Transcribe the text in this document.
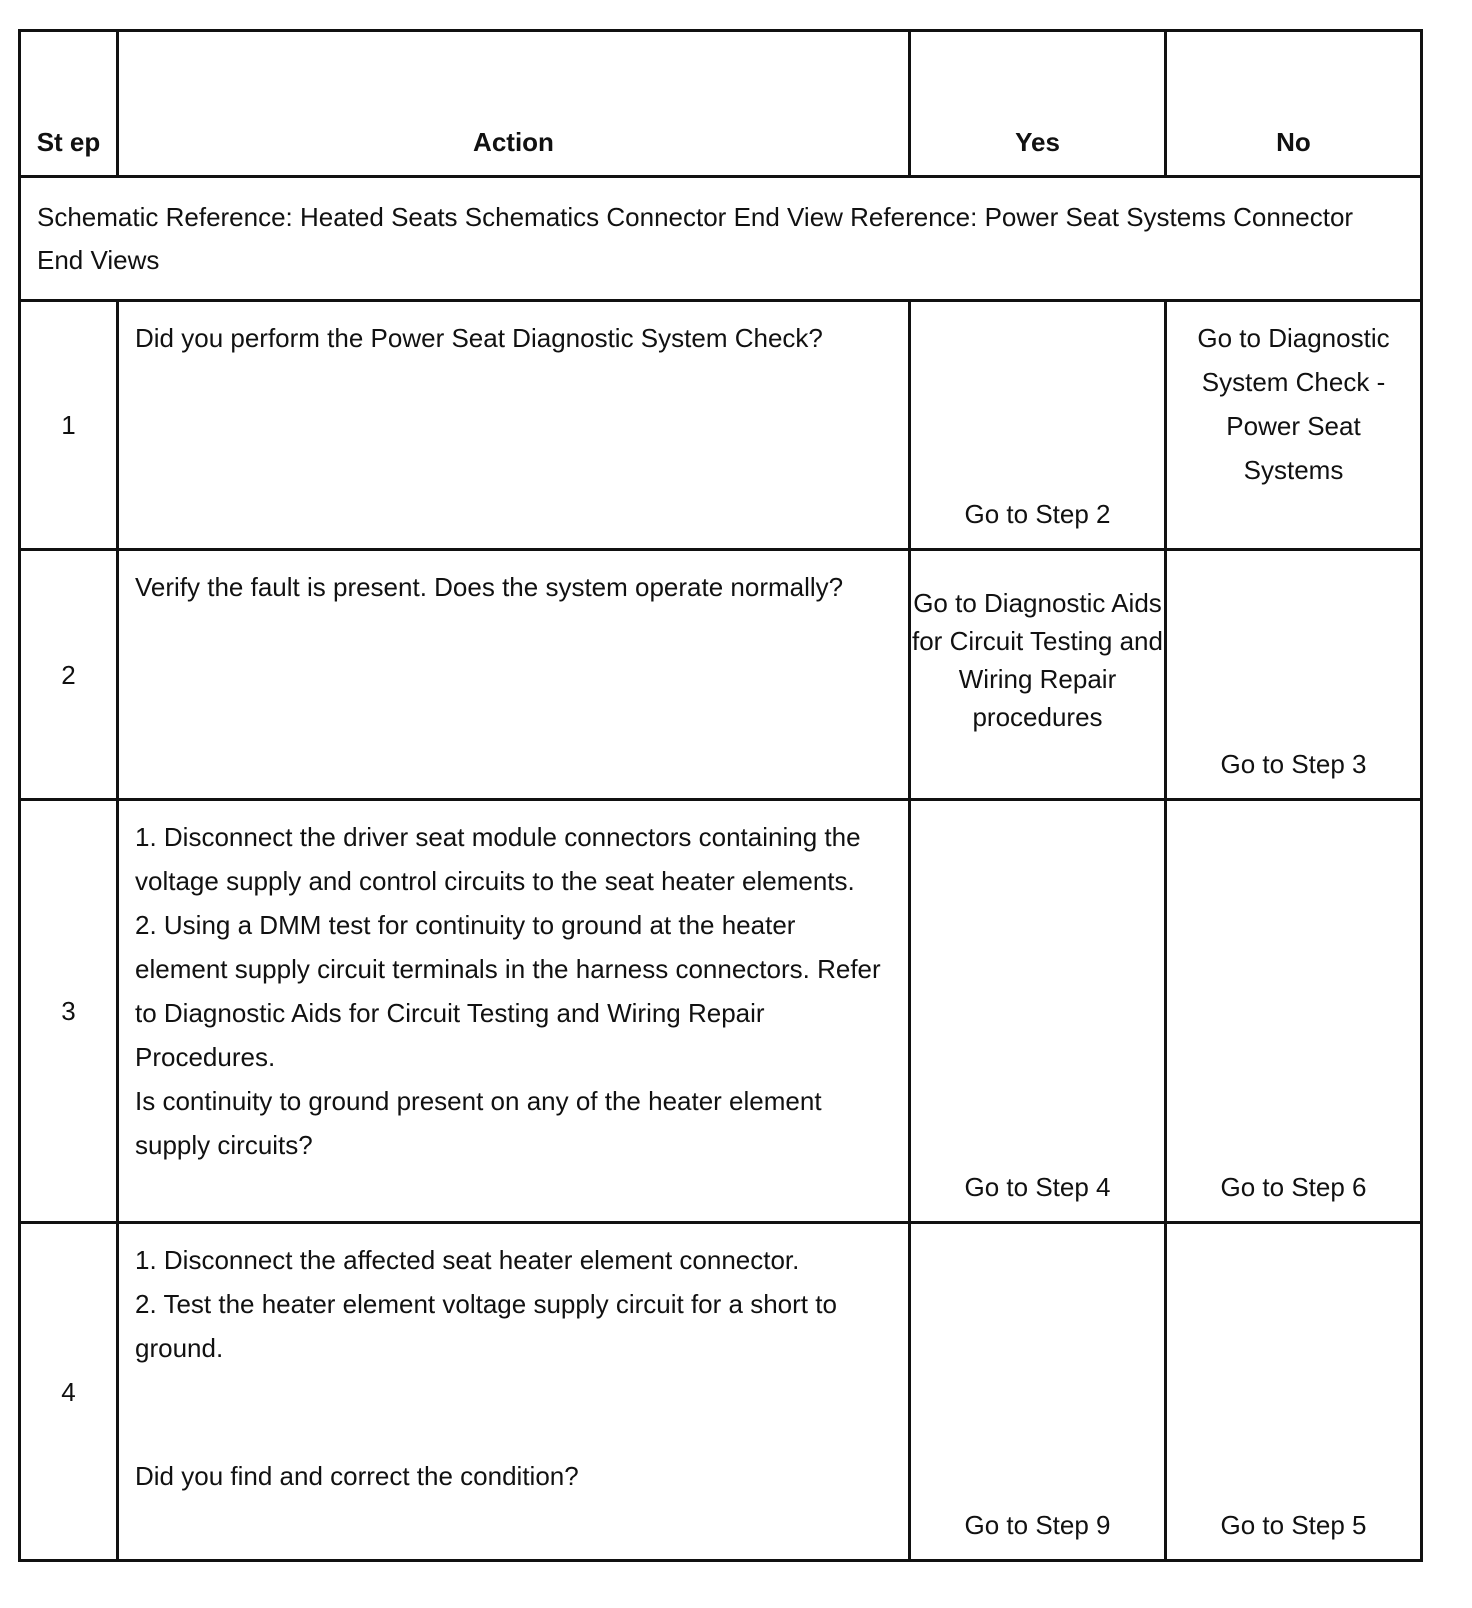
St ep	Action	Yes	No
Schematic Reference: Heated Seats Schematics Connector End View Reference: Power Seat Systems Connector End Views			
1	Did you perform the Power Seat Diagnostic System Check?	Go to Step 2	Go to Diagnostic System Check - Power Seat Systems
2	Verify the fault is present. Does the system operate normally?	Go to Diagnostic Aids for Circuit Testing and Wiring Repair procedures	Go to Step 3
3	1. Disconnect the driver seat module connectors containing the voltage supply and control circuits to the seat heater elements.
2. Using a DMM test for continuity to ground at the heater element supply circuit terminals in the harness connectors. Refer to Diagnostic Aids for Circuit Testing and Wiring Repair Procedures.
Is continuity to ground present on any of the heater element supply circuits?	Go to Step 4	Go to Step 6
4	1. Disconnect the affected seat heater element connector.
2. Test the heater element voltage supply circuit for a short to ground.
Did you find and correct the condition?	Go to Step 9	Go to Step 5
